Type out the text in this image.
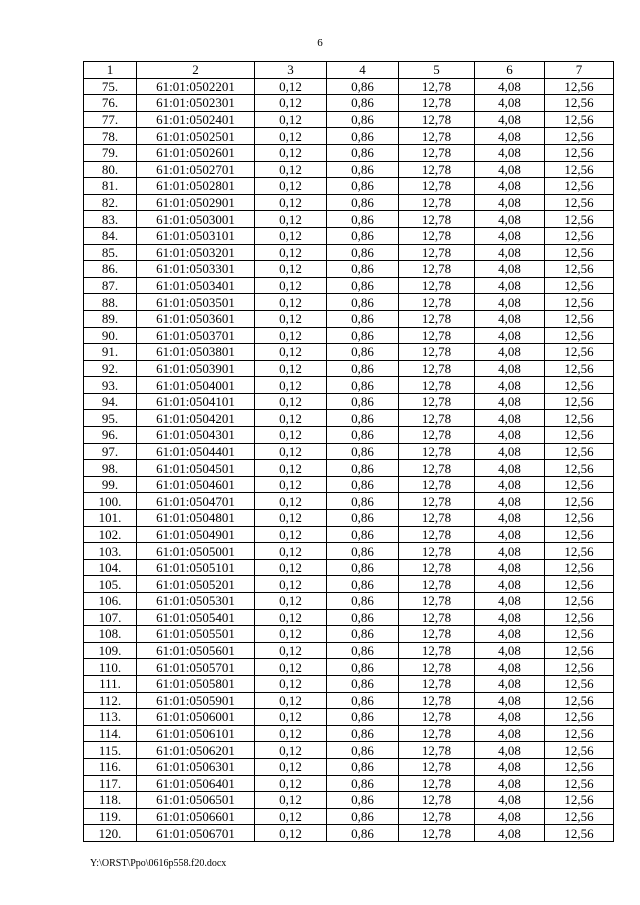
6
1	2	3	4	5	6	7
75.	61:01:0502201	0,12	0,86	12,78	4,08	12,56
76.	61:01:0502301	0,12	0,86	12,78	4,08	12,56
77.	61:01:0502401	0,12	0,86	12,78	4,08	12,56
78.	61:01:0502501	0,12	0,86	12,78	4,08	12,56
79.	61:01:0502601	0,12	0,86	12,78	4,08	12,56
80.	61:01:0502701	0,12	0,86	12,78	4,08	12,56
81.	61:01:0502801	0,12	0,86	12,78	4,08	12,56
82.	61:01:0502901	0,12	0,86	12,78	4,08	12,56
83.	61:01:0503001	0,12	0,86	12,78	4,08	12,56
84.	61:01:0503101	0,12	0,86	12,78	4,08	12,56
85.	61:01:0503201	0,12	0,86	12,78	4,08	12,56
86.	61:01:0503301	0,12	0,86	12,78	4,08	12,56
87.	61:01:0503401	0,12	0,86	12,78	4,08	12,56
88.	61:01:0503501	0,12	0,86	12,78	4,08	12,56
89.	61:01:0503601	0,12	0,86	12,78	4,08	12,56
90.	61:01:0503701	0,12	0,86	12,78	4,08	12,56
91.	61:01:0503801	0,12	0,86	12,78	4,08	12,56
92.	61:01:0503901	0,12	0,86	12,78	4,08	12,56
93.	61:01:0504001	0,12	0,86	12,78	4,08	12,56
94.	61:01:0504101	0,12	0,86	12,78	4,08	12,56
95.	61:01:0504201	0,12	0,86	12,78	4,08	12,56
96.	61:01:0504301	0,12	0,86	12,78	4,08	12,56
97.	61:01:0504401	0,12	0,86	12,78	4,08	12,56
98.	61:01:0504501	0,12	0,86	12,78	4,08	12,56
99.	61:01:0504601	0,12	0,86	12,78	4,08	12,56
100.	61:01:0504701	0,12	0,86	12,78	4,08	12,56
101.	61:01:0504801	0,12	0,86	12,78	4,08	12,56
102.	61:01:0504901	0,12	0,86	12,78	4,08	12,56
103.	61:01:0505001	0,12	0,86	12,78	4,08	12,56
104.	61:01:0505101	0,12	0,86	12,78	4,08	12,56
105.	61:01:0505201	0,12	0,86	12,78	4,08	12,56
106.	61:01:0505301	0,12	0,86	12,78	4,08	12,56
107.	61:01:0505401	0,12	0,86	12,78	4,08	12,56
108.	61:01:0505501	0,12	0,86	12,78	4,08	12,56
109.	61:01:0505601	0,12	0,86	12,78	4,08	12,56
110.	61:01:0505701	0,12	0,86	12,78	4,08	12,56
111.	61:01:0505801	0,12	0,86	12,78	4,08	12,56
112.	61:01:0505901	0,12	0,86	12,78	4,08	12,56
113.	61:01:0506001	0,12	0,86	12,78	4,08	12,56
114.	61:01:0506101	0,12	0,86	12,78	4,08	12,56
115.	61:01:0506201	0,12	0,86	12,78	4,08	12,56
116.	61:01:0506301	0,12	0,86	12,78	4,08	12,56
117.	61:01:0506401	0,12	0,86	12,78	4,08	12,56
118.	61:01:0506501	0,12	0,86	12,78	4,08	12,56
119.	61:01:0506601	0,12	0,86	12,78	4,08	12,56
120.	61:01:0506701	0,12	0,86	12,78	4,08	12,56
Y:\ORST\Ppo\0616p558.f20.docx
